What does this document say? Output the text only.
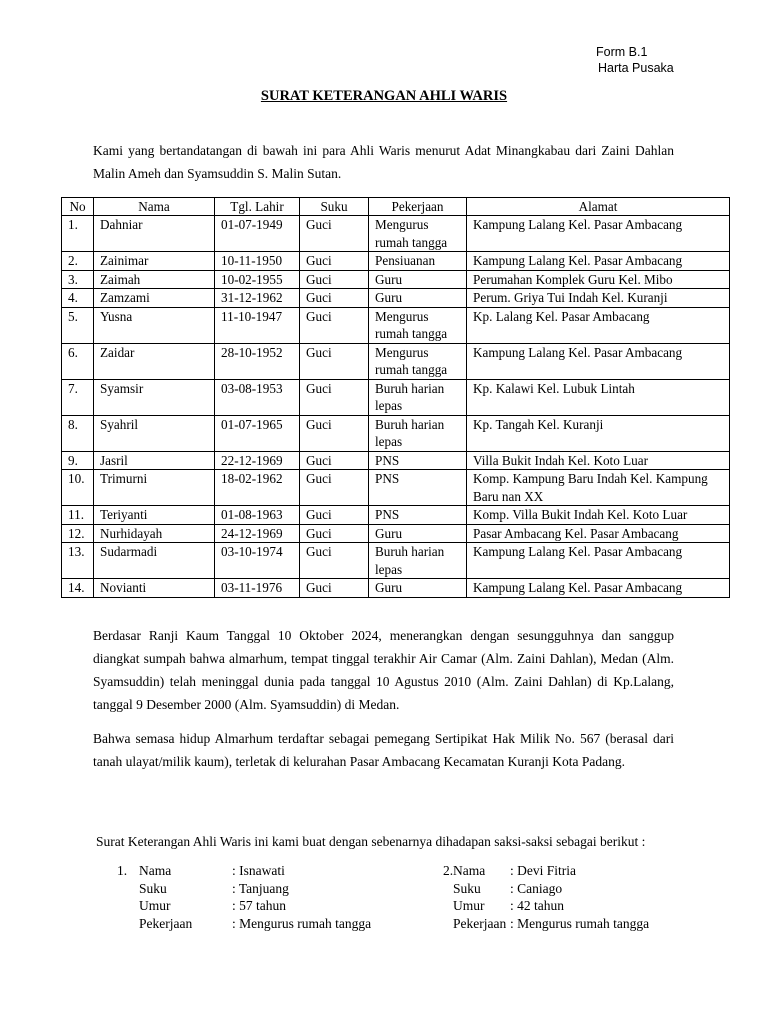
Form B.1
Harta Pusaka
SURAT KETERANGAN AHLI WARIS
Kami yang bertandatangan di bawah ini para Ahli Waris menurut Adat Minangkabau dari Zaini Dahlan Malin Ameh dan Syamsuddin S. Malin Sutan.
No	Nama	Tgl. Lahir	Suku	Pekerjaan	Alamat
1.	Dahniar	01-07-1949	Guci	Mengurus rumah tangga	Kampung Lalang Kel. Pasar Ambacang
2.	Zainimar	10-11-1950	Guci	Pensiuanan	Kampung Lalang Kel. Pasar Ambacang
3.	Zaimah	10-02-1955	Guci	Guru	Perumahan Komplek Guru Kel. Mibo
4.	Zamzami	31-12-1962	Guci	Guru	Perum. Griya Tui Indah Kel. Kuranji
5.	Yusna	11-10-1947	Guci	Mengurus rumah tangga	Kp. Lalang Kel. Pasar Ambacang
6.	Zaidar	28-10-1952	Guci	Mengurus rumah tangga	Kampung Lalang Kel. Pasar Ambacang
7.	Syamsir	03-08-1953	Guci	Buruh harian lepas	Kp. Kalawi Kel. Lubuk Lintah
8.	Syahril	01-07-1965	Guci	Buruh harian lepas	Kp. Tangah Kel. Kuranji
9.	Jasril	22-12-1969	Guci	PNS	Villa Bukit Indah Kel. Koto Luar
10.	Trimurni	18-02-1962	Guci	PNS	Komp. Kampung Baru Indah Kel. Kampung Baru nan XX
11.	Teriyanti	01-08-1963	Guci	PNS	Komp. Villa Bukit Indah Kel. Koto Luar
12.	Nurhidayah	24-12-1969	Guci	Guru	Pasar Ambacang Kel. Pasar Ambacang
13.	Sudarmadi	03-10-1974	Guci	Buruh harian lepas	Kampung Lalang Kel. Pasar Ambacang
14.	Novianti	03-11-1976	Guci	Guru	Kampung Lalang Kel. Pasar Ambacang
Berdasar Ranji Kaum Tanggal 10 Oktober 2024, menerangkan dengan sesungguhnya dan sanggup diangkat sumpah bahwa almarhum, tempat tinggal terakhir Air Camar (Alm. Zaini Dahlan), Medan (Alm. Syamsuddin) telah meninggal dunia pada tanggal 10 Agustus 2010 (Alm. Zaini Dahlan) di Kp.Lalang, tanggal 9 Desember 2000 (Alm. Syamsuddin) di Medan.
Bahwa semasa hidup Almarhum terdaftar sebagai pemegang Sertipikat Hak Milik No. 567 (berasal dari tanah ulayat/milik kaum), terletak di kelurahan Pasar Ambacang Kecamatan Kuranji Kota Padang.
Surat Keterangan Ahli Waris ini kami buat dengan sebenarnya dihadapan saksi-saksi sebagai berikut :
1. Nama	: Isnawati
Suku	: Tanjuang
Umur	: 57 tahun
Pekerjaan	: Mengurus rumah tangga
2. Nama	: Devi Fitria
Suku	: Caniago
Umur	: 42 tahun
Pekerjaan : Mengurus rumah tangga
